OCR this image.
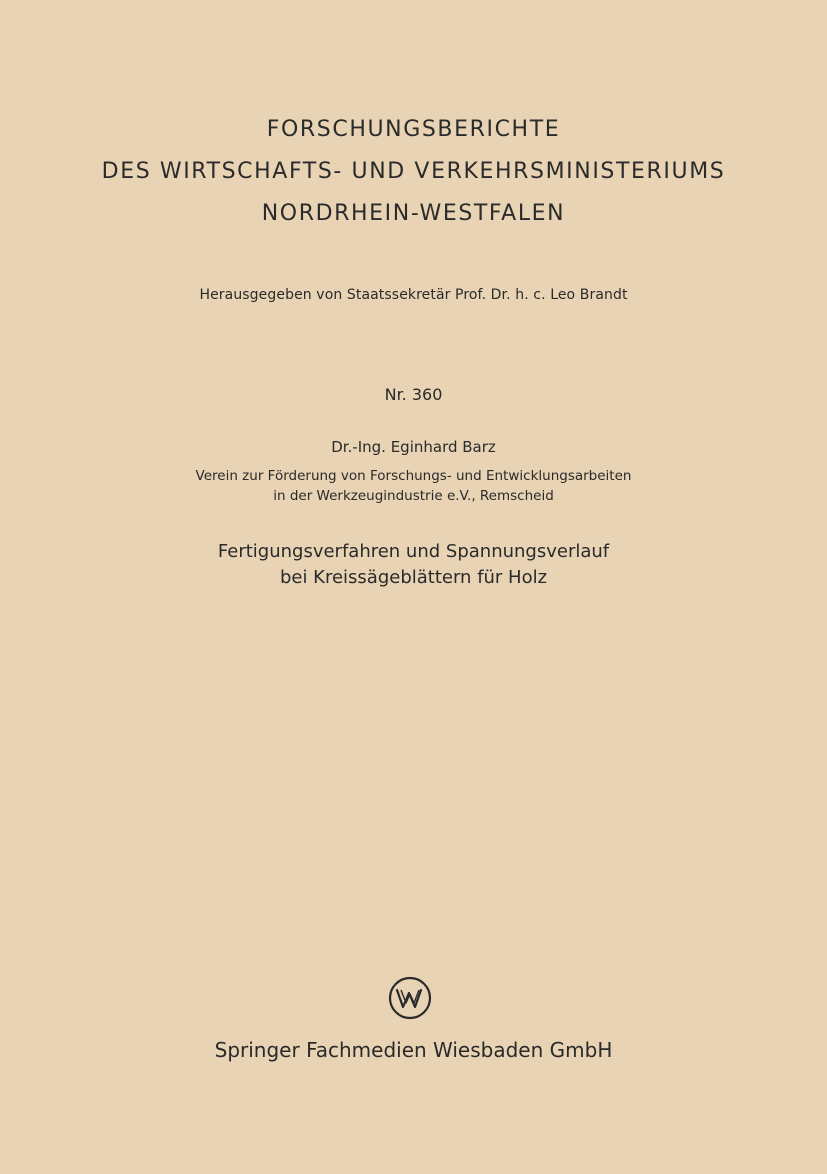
FORSCHUNGSBERICHTE
DES WIRTSCHAFTS- UND VERKEHRSMINISTERIUMS
NORDRHEIN-WESTFALEN
Herausgegeben von Staatssekretär Prof. Dr. h. c. Leo Brandt
Nr. 360
Dr.-Ing. Eginhard Barz
Verein zur Förderung von Forschungs- und Entwicklungsarbeiten
in der Werkzeugindustrie e.V., Remscheid
Fertigungsverfahren und Spannungsverlauf
bei Kreissägeblättern für Holz
Springer Fachmedien Wiesbaden GmbH
